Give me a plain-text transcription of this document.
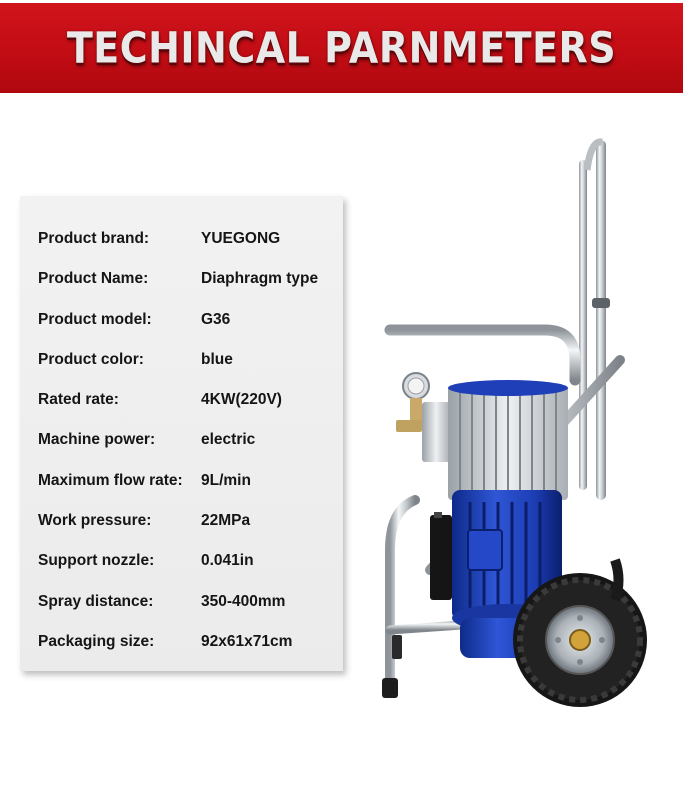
TECHINCAL PARNMETERS
Product brand:	YUEGONG
Product Name:	Diaphragm type
Product model:	G36
Product color:	blue
Rated rate:	4KW(220V)
Machine power:	electric
Maximum flow rate:	9L/min
Work pressure:	22MPa
Support nozzle:	0.041in
Spray distance:	350-400mm
Packaging size:	92x61x71cm
